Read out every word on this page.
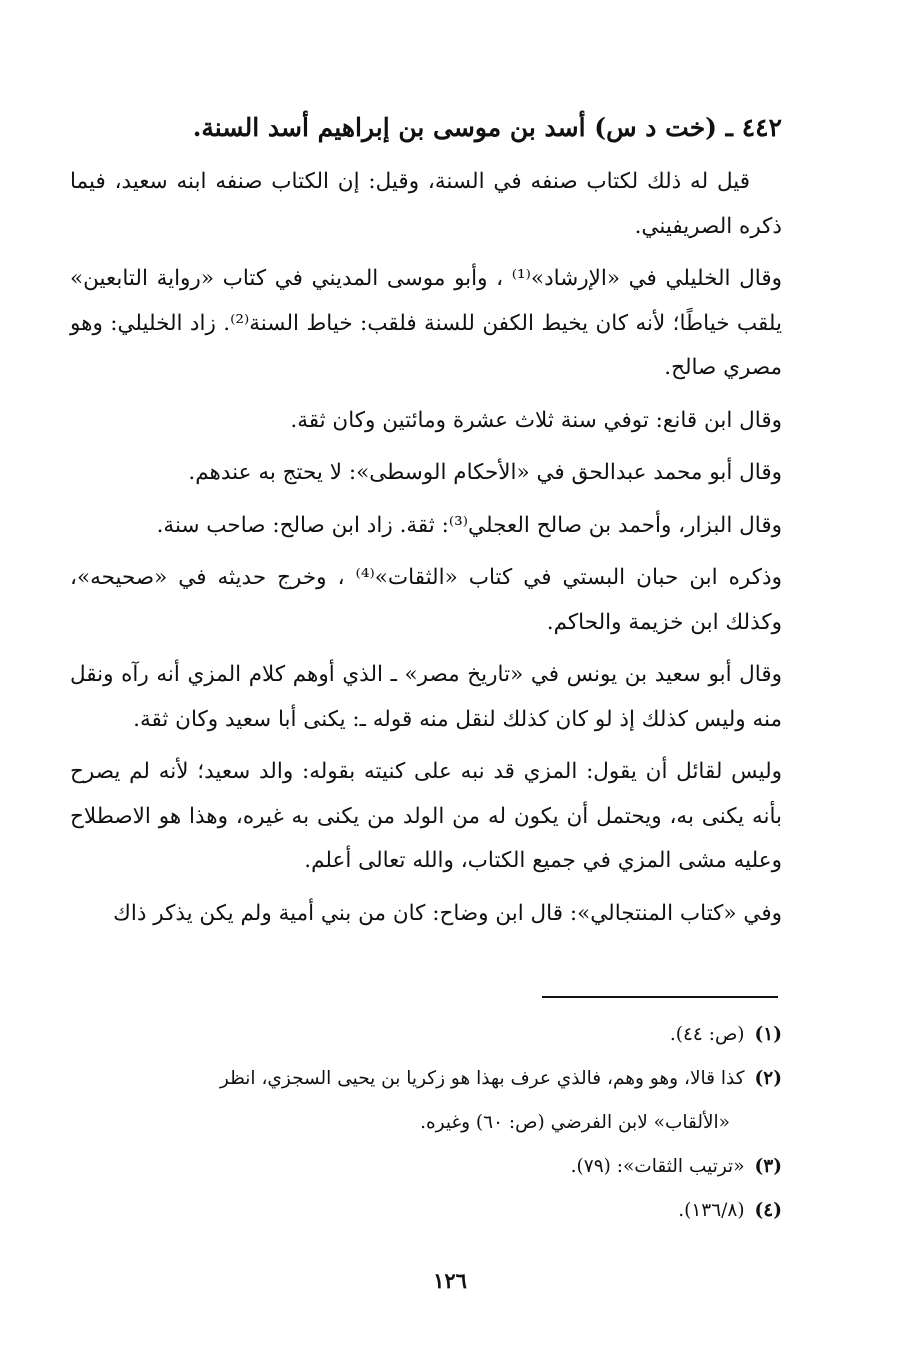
٤٤٢ ـ (خت د س) أسد بن موسى بن إبراهيم أسد السنة.

قيل له ذلك لكتاب صنفه في السنة، وقيل: إن الكتاب صنفه ابنه سعيد، فيما ذكره الصريفيني.

وقال الخليلي في «الإرشاد»⁽¹⁾ ، وأبو موسى المديني في كتاب «رواية التابعين» يلقب خياطًا؛ لأنه كان يخيط الكفن للسنة فلقب: خياط السنة⁽²⁾. زاد الخليلي: وهو مصري صالح.

وقال ابن قانع: توفي سنة ثلاث عشرة ومائتين وكان ثقة.

وقال أبو محمد عبدالحق في «الأحكام الوسطى»: لا يحتج به عندهم.

وقال البزار، وأحمد بن صالح العجلي⁽³⁾: ثقة. زاد ابن صالح: صاحب سنة.

وذكره ابن حبان البستي في كتاب «الثقات»⁽⁴⁾ ، وخرج حديثه في «صحيحه»، وكذلك ابن خزيمة والحاكم.

وقال أبو سعيد بن يونس في «تاريخ مصر» ـ الذي أوهم كلام المزي أنه رآه ونقل منه وليس كذلك إذ لو كان كذلك لنقل منه قوله ـ: يكنى أبا سعيد وكان ثقة.

وليس لقائل أن يقول: المزي قد نبه على كنيته بقوله: والد سعيد؛ لأنه لم يصرح بأنه يكنى به، ويحتمل أن يكون له من الولد من يكنى به غيره، وهذا هو الاصطلاح وعليه مشى المزي في جميع الكتاب، والله تعالى أعلم.

وفي «كتاب المنتجالي»: قال ابن وضاح: كان من بني أمية ولم يكن يذكر ذاك

(١)(ص: ٤٤).

(٢)كذا قالا، وهو وهم، فالذي عرف بهذا هو زكريا بن يحيى السجزي، انظر

«الألقاب» لابن الفرضي (ص: ٦٠) وغيره.

(٣)«ترتيب الثقات»: (٧٩).

(٤)(١٣٦/٨).

١٢٦
